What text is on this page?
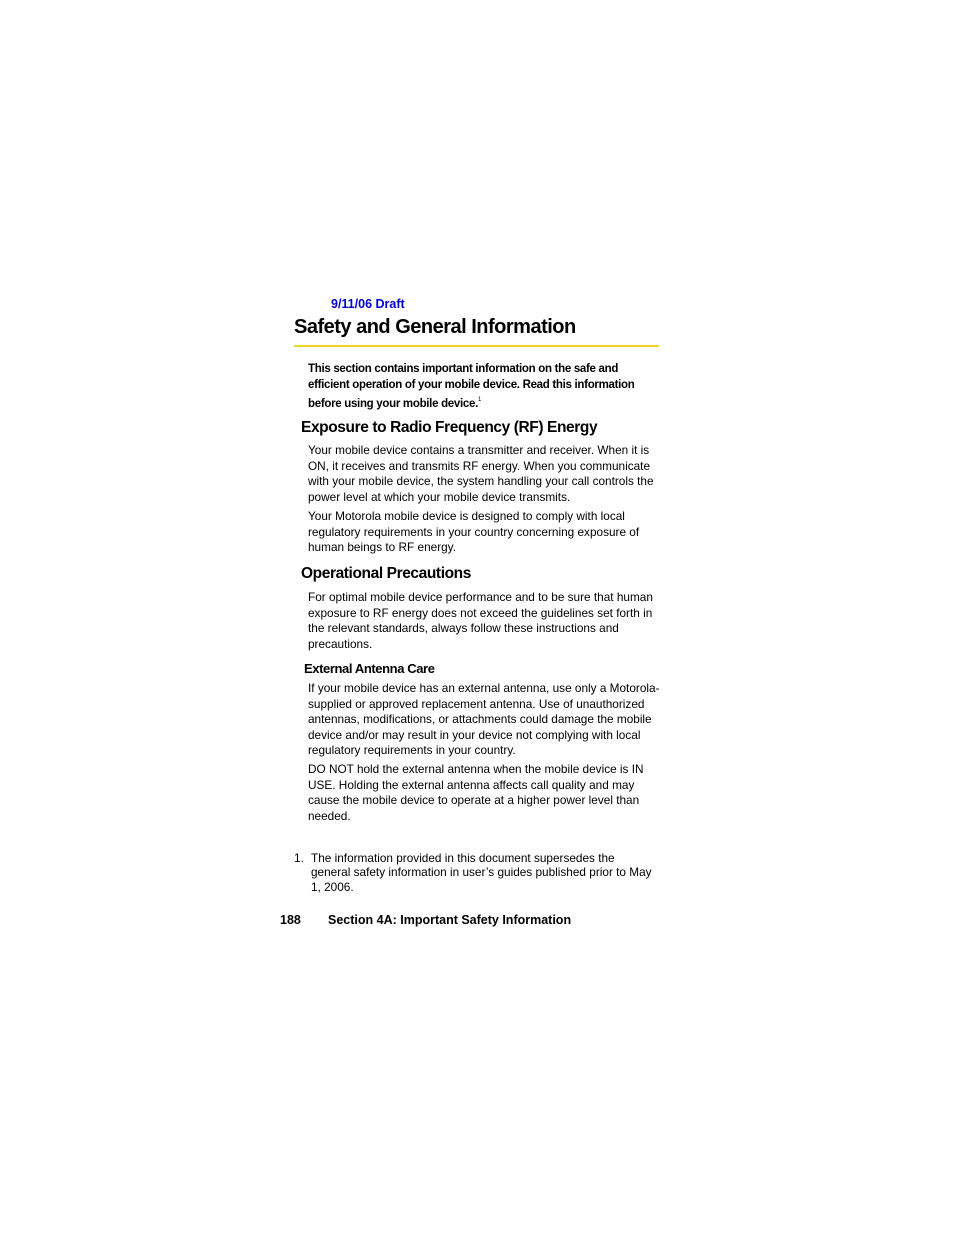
9/11/06 Draft
Safety and General Information
This section contains important information on the safe and efficient operation of your mobile device. Read this information before using your mobile device.$^1$
Exposure to Radio Frequency (RF) Energy
Your mobile device contains a transmitter and receiver. When it is ON, it receives and transmits RF energy. When you communicate with your mobile device, the system handling your call controls the power level at which your mobile device transmits.
Your Motorola mobile device is designed to comply with local regulatory requirements in your country concerning exposure of human beings to RF energy.
Operational Precautions
For optimal mobile device performance and to be sure that human exposure to RF energy does not exceed the guidelines set forth in the relevant standards, always follow these instructions and precautions.
External Antenna Care
If your mobile device has an external antenna, use only a Motorola-supplied or approved replacement antenna. Use of unauthorized antennas, modifications, or attachments could damage the mobile device and/or may result in your device not complying with local regulatory requirements in your country.
DO NOT hold the external antenna when the mobile device is IN USE. Holding the external antenna affects call quality and may cause the mobile device to operate at a higher power level than needed.
1. The information provided in this document supersedes the general safety information in user’s guides published prior to May 1, 2006.
188 Section 4A: Important Safety Information
